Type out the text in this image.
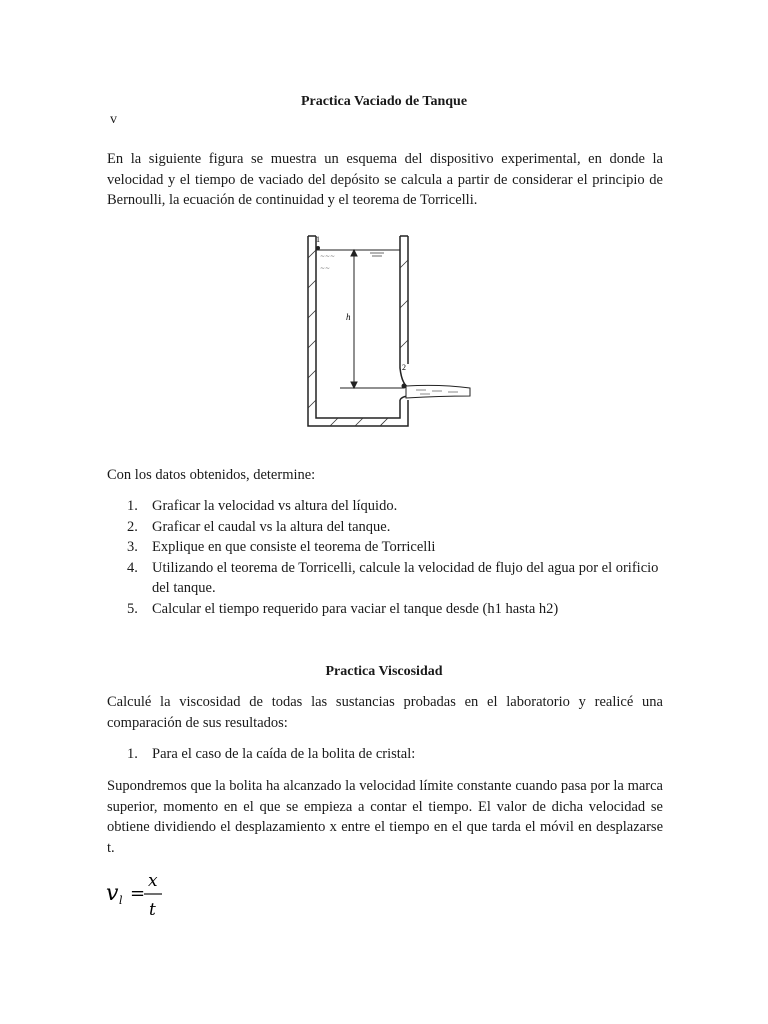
Practica Vaciado de Tanque

v

En la siguiente figura se muestra un esquema del dispositivo experimental, en donde la velocidad y el tiempo de vaciado del depósito se calcula a partir de considerar el principio de Bernoulli, la ecuación de continuidad y el teorema de Torricelli.

~~~
~~
1
2
h

Con los datos obtenidos, determine:

1. Graficar la velocidad vs altura del líquido.
2. Graficar el caudal vs la altura del tanque.
3. Explique en que consiste el teorema de Torricelli
4. Utilizando el teorema de Torricelli, calcule la velocidad de flujo del agua por el orificio del tanque.
5. Calcular el tiempo requerido para vaciar el tanque desde (h1 hasta h2)
Practica Viscosidad

Calculé la viscosidad de todas las sustancias probadas en el laboratorio y realicé una comparación de sus resultados:

1. Para el caso de la caída de la bolita de cristal:

Supondremos que la bolita ha alcanzado la velocidad límite constante cuando pasa por la marca superior, momento en el que se empieza a contar el tiempo. El valor de dicha velocidad se obtiene dividiendo el desplazamiento x entre el tiempo en el que tarda el móvil en desplazarse t.

v l =
x
t
